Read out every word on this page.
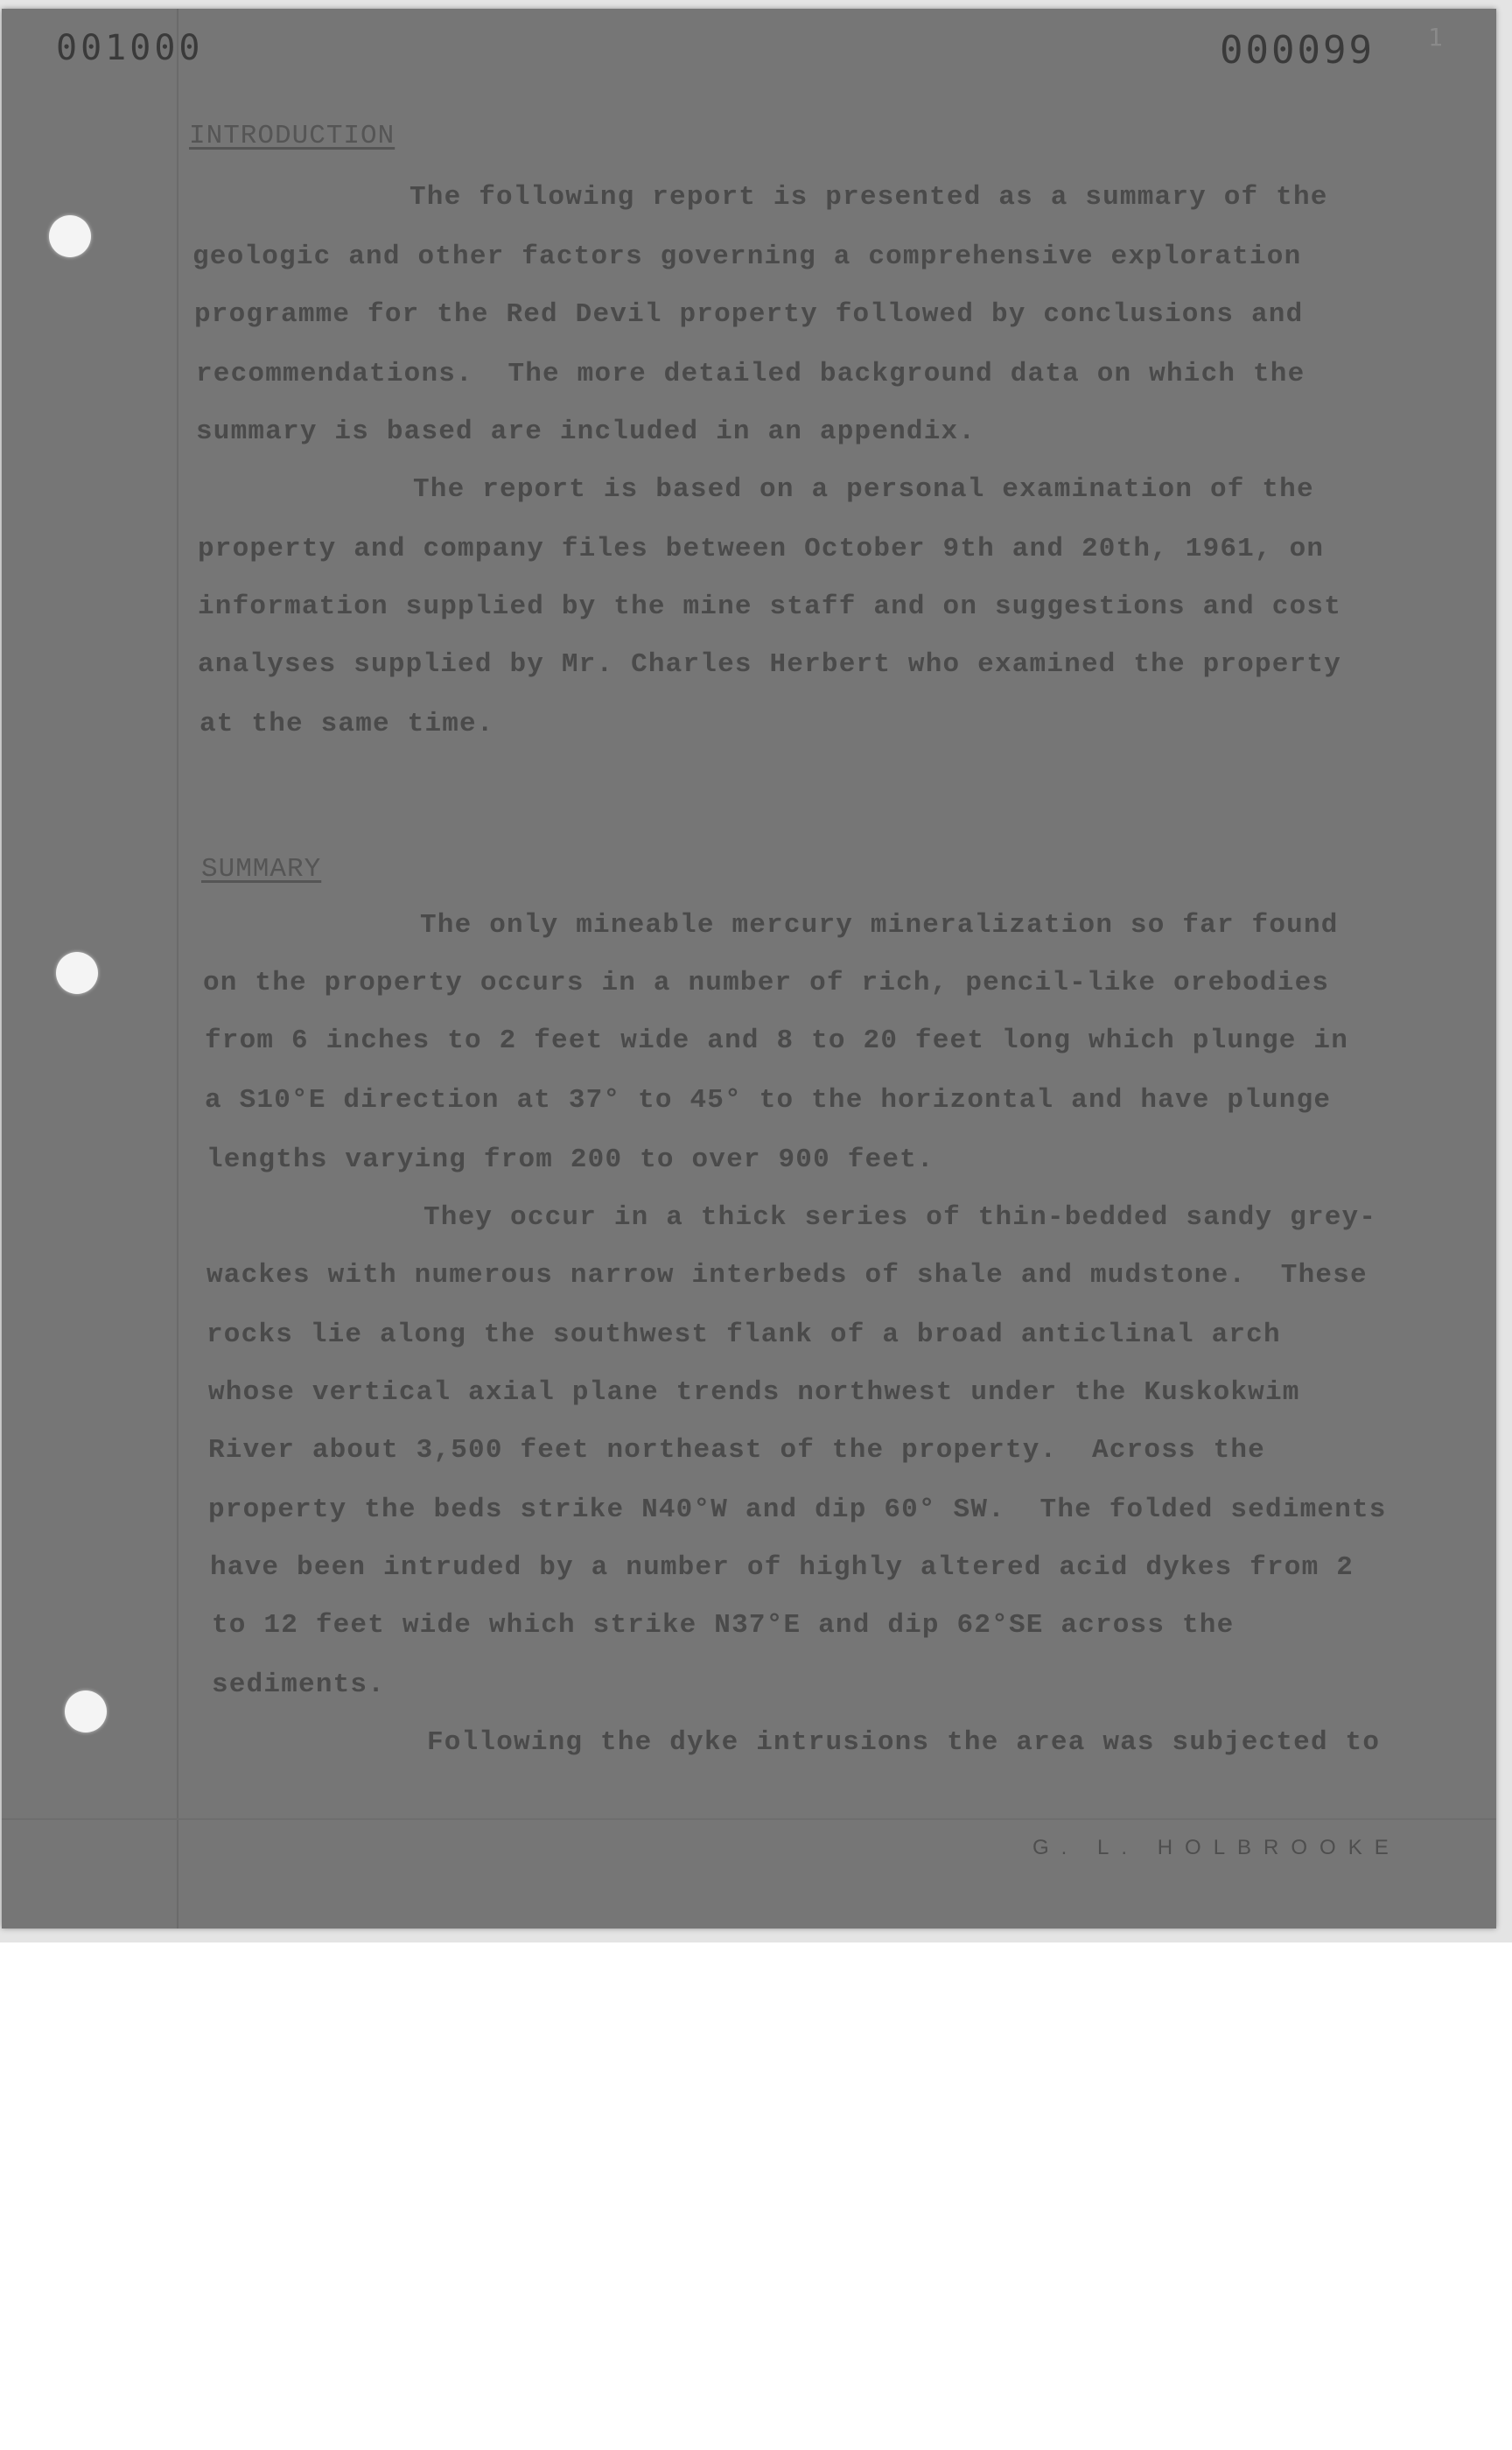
001000	000099 1
INTRODUCTION
The following report is presented as a summary of the
geologic and other factors governing a comprehensive exploration
programme for the Red Devil property followed by conclusions and
recommendations.  The more detailed background data on which the
summary is based are included in an appendix.
The report is based on a personal examination of the
property and company files between October 9th and 20th, 1961, on
information supplied by the mine staff and on suggestions and cost
analyses supplied by Mr. Charles Herbert who examined the property
at the same time.
SUMMARY
The only mineable mercury mineralization so far found
on the property occurs in a number of rich, pencil-like orebodies
from 6 inches to 2 feet wide and 8 to 20 feet long which plunge in
a S10°E direction at 37° to 45° to the horizontal and have plunge
lengths varying from 200 to over 900 feet.
They occur in a thick series of thin-bedded sandy grey-
wackes with numerous narrow interbeds of shale and mudstone.  These
rocks lie along the southwest flank of a broad anticlinal arch
whose vertical axial plane trends northwest under the Kuskokwim
River about 3,500 feet northeast of the property.  Across the
property the beds strike N40°W and dip 60° SW.  The folded sediments
have been intruded by a number of highly altered acid dykes from 2
to 12 feet wide which strike N37°E and dip 62°SE across the
sediments.
Following the dyke intrusions the area was subjected to
G. L. HOLBROOKE
